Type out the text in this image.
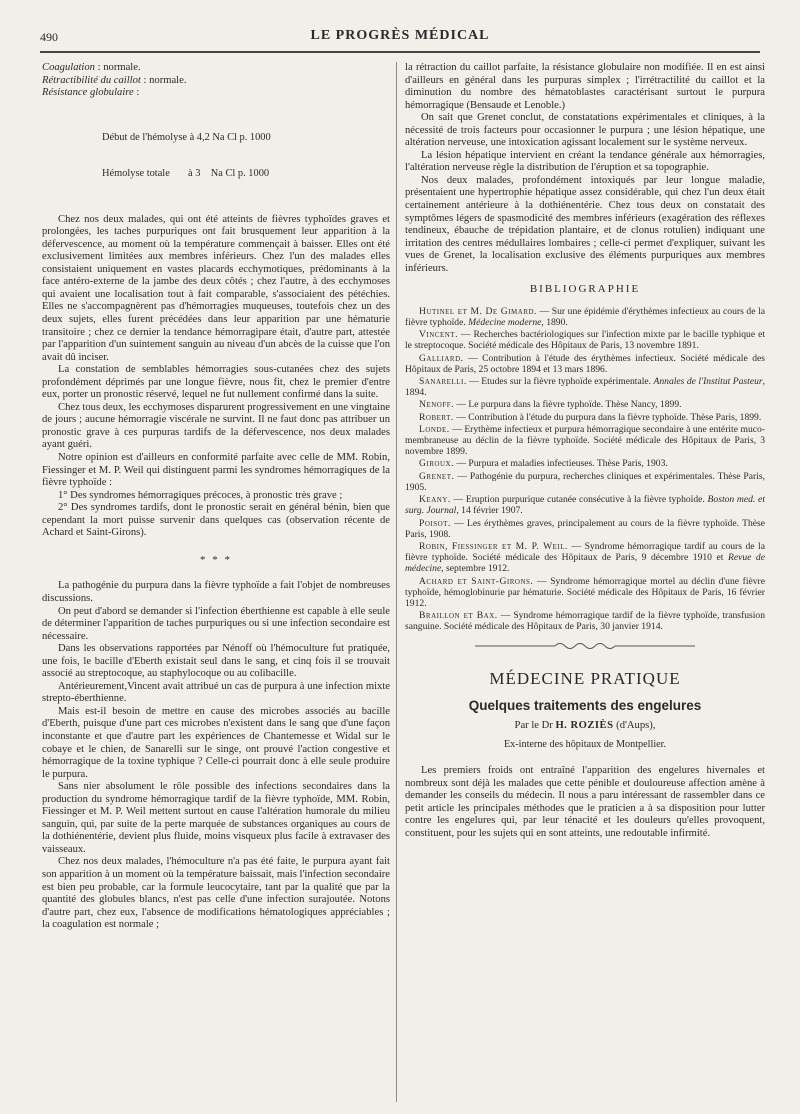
490	LE PROGRÈS MÉDICAL
Coagulation : normale.
Rétractibilité du caillot : normale.
Résistance globulaire :

Début de l'hémolyse à 4,2 Na Cl p. 1000

Hémolyse totale       à 3    Na Cl p. 1000

Chez nos deux malades, qui ont été atteints de fièvres typhoïdes graves et prolongées, les taches purpuriques ont fait brusquement leur apparition à la défervescence, au moment où la température commençait à baisser. Elles ont été exclusivement limitées aux membres inférieurs. Chez l'un des malades elles consistaient uniquement en vastes placards ecchymotiques, prédominants à la face antéro-externe de la jambe des deux côtés ; chez l'autre, à des ecchymoses qui avaient une localisation tout à fait comparable, s'associaient des pétéchies. Elles ne s'accompagnèrent pas d'hémorragies muqueuses, toutefois chez un des deux sujets, elles furent précédées dans leur apparition par une hématurie transitoire ; chez ce dernier la tendance hémorragipare était, d'autre part, attestée par l'apparition d'un suintement sanguin au niveau d'un abcès de la cuisse que l'on avait dû inciser.

La constation de semblables hémorragies sous-cutanées chez des sujets profondément déprimés par une longue fièvre, nous fit, chez le premier d'entre eux, porter un pronostic réservé, lequel ne fut nullement confirmé dans la suite.

Chez tous deux, les ecchymoses disparurent progressivement en une vingtaine de jours ; aucune hémorragie viscérale ne survint. Il ne faut donc pas attribuer un pronostic grave à ces purpuras tardifs de la défervescence, nos deux malades ayant guéri.

Notre opinion est d'ailleurs en conformité parfaite avec celle de MM. Robin, Fiessinger et M. P. Weil qui distinguent parmi les syndromes hémorragiques de la fièvre typhoïde :

1° Des syndromes hémorragiques précoces, à pronostic très grave ;

2° Des syndromes tardifs, dont le pronostic serait en général bénin, bien que cependant la mort puisse survenir dans quelques cas (observation récente de Achard et Saint-Girons).

* * *

La pathogénie du purpura dans la fièvre typhoïde a fait l'objet de nombreuses discussions.

On peut d'abord se demander si l'infection éberthienne est capable à elle seule de déterminer l'apparition de taches purpuriques ou si une infection secondaire est nécessaire.

Dans les observations rapportées par Nénoff où l'hémoculture fut pratiquée, une fois, le bacille d'Eberth existait seul dans le sang, et cinq fois il se trouvait associé au streptocoque, au staphylocoque ou au colibacille.

Antérieurement,Vincent avait attribué un cas de purpura à une infection mixte strepto-éberthienne.

Mais est-il besoin de mettre en cause des microbes associés au bacille d'Eberth, puisque d'une part ces microbes n'existent dans le sang que d'une façon inconstante et que d'autre part les expériences de Chantemesse et Widal sur le cobaye et le chien, de Sanarelli sur le singe, ont prouvé l'action congestive et hémorragique de la toxine typhique ? Celle-ci pourrait donc à elle seule produire le purpura.

Sans nier absolument le rôle possible des infections secondaires dans la production du syndrome hémorragique tardif de la fièvre typhoïde, MM. Robin, Fiessinger et M. P. Weil mettent surtout en cause l'altération humorale du milieu sanguin, qui, par suite de la perte marquée de substances organiques au cours de la dothiénentérie, devient plus fluide, moins visqueux plus facile à extravaser des vaisseaux.

Chez nos deux malades, l'hémoculture n'a pas été faite, le purpura ayant fait son apparition à un moment où la température baissait, mais l'infection secondaire est bien peu probable, car la formule leucocytaire, tant par la qualité que par la quantité des globules blancs, n'est pas celle d'une infection surajoutée. Notons d'autre part, chez eux, l'absence de modifications hématologiques appréciables ; la coagulation est normale ;

la rétraction du caillot parfaite, la résistance globulaire non modifiée. Il en est ainsi d'ailleurs en général dans les purpuras simplex ; l'irrétractilité du caillot et la diminution du nombre des hématoblastes caractérisant surtout le purpura hémorragique (Bensaude et Lenoble.)

On sait que Grenet conclut, de constatations expérimentales et cliniques, à la nécessité de trois facteurs pour occasionner le purpura ; une lésion hépatique, une altération nerveuse, une intoxication agissant localement sur le système nerveux.

La lésion hépatique intervient en créant la tendance générale aux hémorragies, l'altération nerveuse règle la distribution de l'éruption et sa topographie.

Nos deux malades, profondément intoxiqués par leur longue maladie, présentaient une hypertrophie hépatique assez considérable, qui chez l'un deux était certainement antérieure à la dothiénentérie. Chez tous deux on constatait des symptômes légers de spasmodicité des membres inférieurs (exagération des réflexes tendineux, ébauche de trépidation plantaire, et de clonus rotulien) indiquant une irritation des centres médullaires lombaires ; celle-ci permet d'expliquer, suivant les vues de Grenet, la localisation exclusive des éléments purpuriques aux membres inférieurs.

BIBLIOGRAPHIE
Hutinel et M. De Gimard. — Sur une épidémie d'érythèmes infectieux au cours de la fièvre typhoïde. Médecine moderne, 1890.
Vincent. — Recherches bactériologiques sur l'infection mixte par le bacille typhique et le streptocoque. Société médicale des Hôpitaux de Paris, 13 novembre 1891.
Galliard. — Contribution à l'étude des érythèmes infectieux. Société médicale des Hôpitaux de Paris, 25 octobre 1894 et 13 mars 1896.
Sanarelli. — Etudes sur la fièvre typhoïde expérimentale. Annales de l'Institut Pasteur, 1894.
Nenoff. — Le purpura dans la fièvre typhoïde. Thèse Nancy, 1899.
Robert. — Contribution à l'étude du purpura dans la fièvre typhoïde. Thèse Paris, 1899.
Londe. — Erythème infectieux et purpura hémorragique secondaire à une entérite muco-membraneuse au déclin de la fièvre typhoïde. Société médicale des Hôpitaux de Paris, 3 novembre 1899.
Giroux. — Purpura et maladies infectieuses. Thèse Paris, 1903.
Grenet. — Pathogénie du purpura, recherches cliniques et expérimentales. Thèse Paris, 1905.
Keany. — Eruption purpurique cutanée consécutive à la fièvre typhoïde. Boston med. et surg. Journal, 14 février 1907.
Poisot. — Les érythèmes graves, principalement au cours de la fièvre typhoïde. Thèse Paris, 1908.
Robin, Fiessinger et M. P. Weil. — Syndrome hémorragique tardif au cours de la fièvre typhoïde. Société médicale des Hôpitaux de Paris, 9 décembre 1910 et Revue de médecine, septembre 1912.
Achard et Saint-Girons. — Syndrome hémorragique mortel au déclin d'une fièvre typhoïde, hémoglobinurie par hématurie. Société médicale des Hôpitaux de Paris, 16 février 1912.
Braillon et Bax. — Syndrome hémorragique tardif de la fièvre typhoïde, transfusion sanguine. Société médicale des Hôpitaux de Paris, 30 janvier 1914.
MÉDECINE PRATIQUE
Quelques traitements des engelures
Par le Dr H. ROZIÈS (d'Aups),
Ex-interne des hôpitaux de Montpellier.

Les premiers froids ont entraîné l'apparition des engelures hivernales et nombreux sont déjà les malades que cette pénible et douloureuse affection amène à demander les conseils du médecin. Il nous a paru intéressant de rassembler dans ce petit article les principales méthodes que le praticien a à sa disposition pour lutter contre les engelures qui, par leur ténacité et les douleurs qu'elles provoquent, constituent, pour les sujets qui en sont atteints, une redoutable infirmité.
